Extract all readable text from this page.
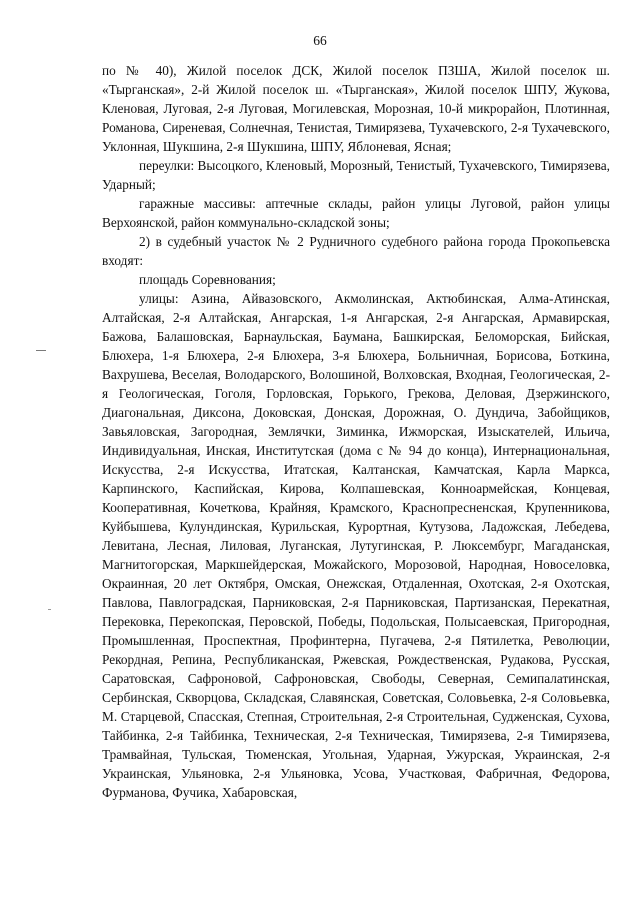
66

по № 40), Жилой поселок ДСК, Жилой поселок ПЗША, Жилой поселок ш. «Тырганская», 2-й Жилой поселок ш. «Тырганская», Жилой поселок ШПУ, Жукова, Кленовая, Луговая, 2-я Луговая, Могилевская, Морозная, 10-й микрорайон, Плотинная, Романова, Сиреневая, Солнечная, Тенистая, Тимирязева, Тухачевского, 2-я Тухачевского, Уклонная, Шукшина, 2-я Шукшина, ШПУ, Яблоневая, Ясная;

переулки: Высоцкого, Кленовый, Морозный, Тенистый, Тухачевского, Тимирязева, Ударный;

гаражные массивы: аптечные склады, район улицы Луговой, район улицы Верхоянской, район коммунально-складской зоны;

2) в судебный участок № 2 Рудничного судебного района города Прокопьевска входят:

площадь Соревнования;

улицы: Азина, Айвазовского, Акмолинская, Актюбинская, Алма-Атинская, Алтайская, 2-я Алтайская, Ангарская, 1-я Ангарская, 2-я Ангарская, Армавирская, Бажова, Балашовская, Барнаульская, Баумана, Башкирская, Беломорская, Бийская, Блюхера, 1-я Блюхера, 2-я Блюхера, 3-я Блюхера, Больничная, Борисова, Боткина, Вахрушева, Веселая, Володарского, Волошиной, Волховская, Входная, Геологическая, 2-я Геологическая, Гоголя, Горловская, Горького, Грекова, Деловая, Дзержинского, Диагональная, Диксона, Доковская, Донская, Дорожная, О. Дундича, Забойщиков, Завьяловская, Загородная, Землячки, Зиминка, Ижморская, Изыскателей, Ильича, Индивидуальная, Инская, Институтская (дома с № 94 до конца), Интернациональная, Искусства, 2-я Искусства, Итатская, Калтанская, Камчатская, Карла Маркса, Карпинского, Каспийская, Кирова, Колпашевская, Конноармейская, Концевая, Кооперативная, Кочеткова, Крайняя, Крамского, Краснопресненская, Крупенникова, Куйбышева, Кулундинская, Курильская, Курортная, Кутузова, Ладожская, Лебедева, Левитана, Лесная, Лиловая, Луганская, Лутугинская, Р. Люксембург, Магаданская, Магнитогорская, Маркшейдерская, Можайского, Морозовой, Народная, Новоселовка, Окраинная, 20 лет Октября, Омская, Онежская, Отдаленная, Охотская, 2-я Охотская, Павлова, Павлоградская, Парниковская, 2-я Парниковская, Партизанская, Перекатная, Перековка, Перекопская, Перовской, Победы, Подольская, Полысаевская, Пригородная, Промышленная, Проспектная, Профинтерна, Пугачева, 2-я Пятилетка, Революции, Рекордная, Репина, Республиканская, Ржевская, Рождественская, Рудакова, Русская, Саратовская, Сафроновой, Сафроновская, Свободы, Северная, Семипалатинская, Сербинская, Скворцова, Складская, Славянская, Советская, Соловьевка, 2-я Соловьевка, М. Старцевой, Спасская, Степная, Строительная, 2-я Строительная, Судженская, Сухова, Тайбинка, 2-я Тайбинка, Техническая, 2-я Техническая, Тимирязева, 2-я Тимирязева, Трамвайная, Тульская, Тюменская, Угольная, Ударная, Ужурская, Украинская, 2-я Украинская, Ульяновка, 2-я Ульяновка, Усова, Участковая, Фабричная, Федорова, Фурманова, Фучика, Хабаровская,
